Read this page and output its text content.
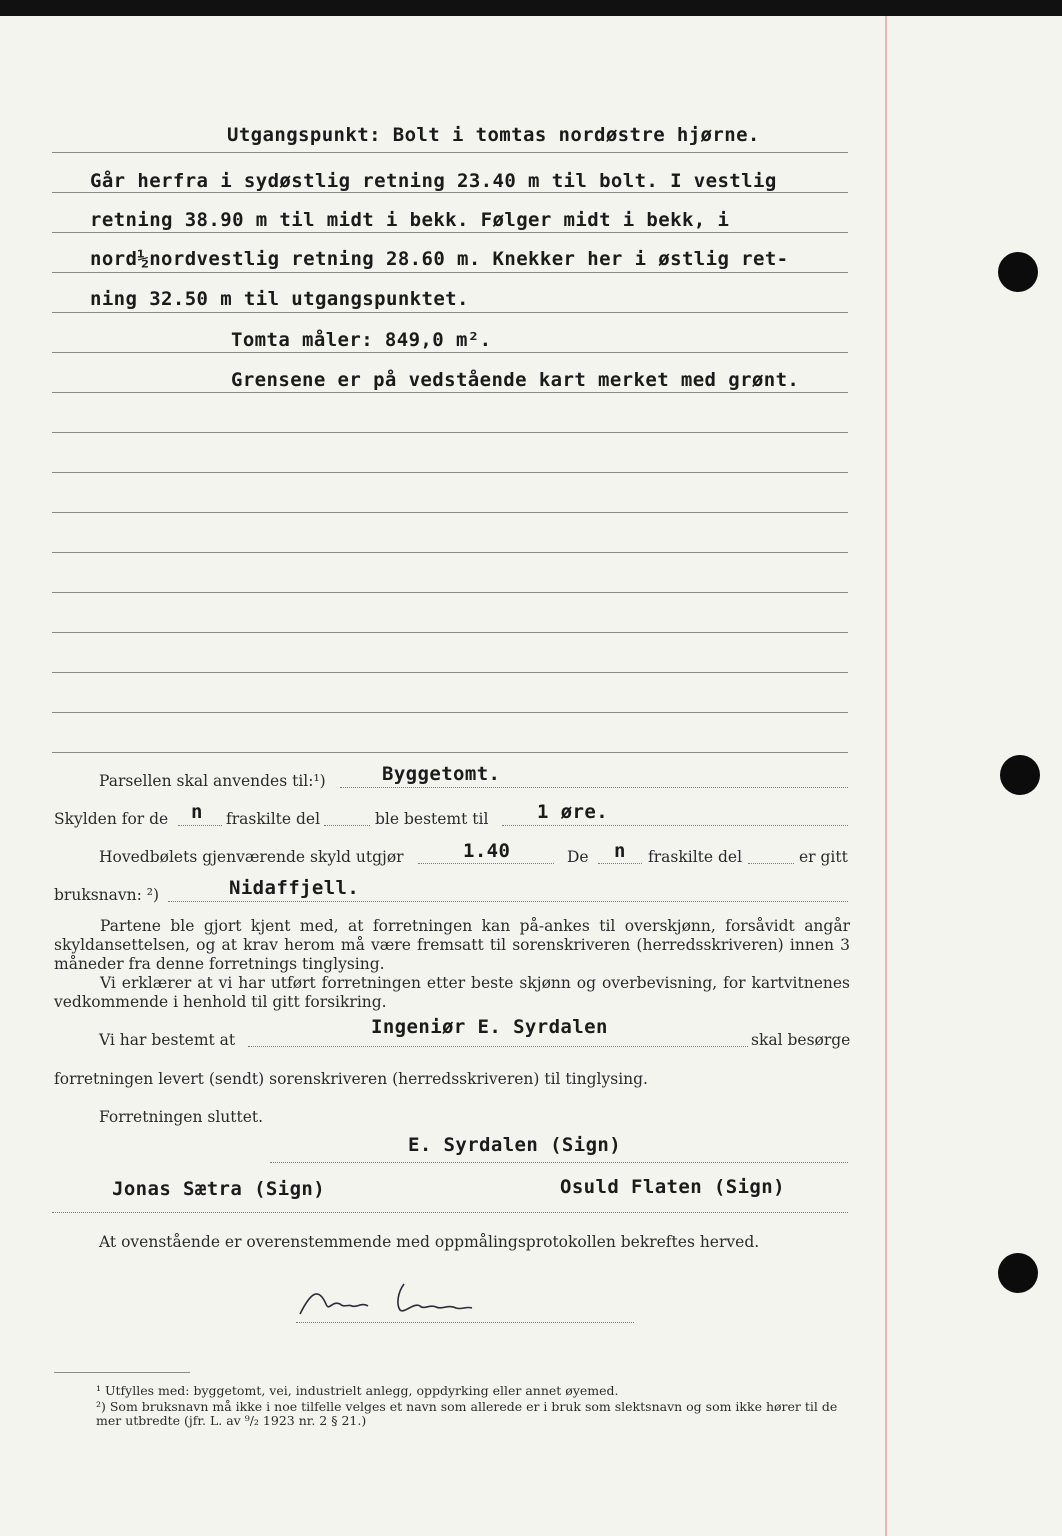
Utgangspunkt: Bolt i tomtas nordøstre hjørne.
Går herfra i sydøstlig retning 23.40 m til bolt. I vestlig
retning 38.90 m til midt i bekk. Følger midt i bekk, i
nord½nordvestlig retning 28.60 m. Knekker her i østlig ret-
ning 32.50 m til utgangspunktet.
Tomta måler: 849,0 m².
Grensene er på vedstående kart merket med grønt.
Parsellen skal anvendes til:¹)	Byggetomt.
Skylden for de n fraskilte del	ble bestemt til	1 øre.
Hovedbølets gjenværende skyld utgjør	1.40	De n fraskilte del	er gitt
bruksnavn: ²)	Nidaffjell.
Partene ble gjort kjent med, at forretningen kan på-ankes til overskjønn, forsåvidt angår skyldansettelsen, og at krav herom må være fremsatt til sorenskriveren (herredsskriveren) innen 3 måneder fra denne forretnings tinglysing.
Vi erklærer at vi har utført forretningen etter beste skjønn og overbevisning, for kartvitnenes vedkommende i henhold til gitt forsikring.
Vi har bestemt at
Ingeniør E. Syrdalen
skal besørge
forretningen levert (sendt) sorenskriveren (herredsskriveren) til tinglysing.
Forretningen sluttet.
E. Syrdalen (Sign)
Jonas Sætra (Sign)	Osuld Flaten (Sign)
At ovenstående er overenstemmende med oppmålingsprotokollen bekreftes herved.
¹ Utfylles med: byggetomt, vei, industrielt anlegg, oppdyrking eller annet øyemed.
²) Som bruksnavn må ikke i noe tilfelle velges et navn som allerede er i bruk som slektsnavn og som ikke hører til de mer utbredte (jfr. L. av ⁹/₂ 1923 nr. 2 § 21.)
